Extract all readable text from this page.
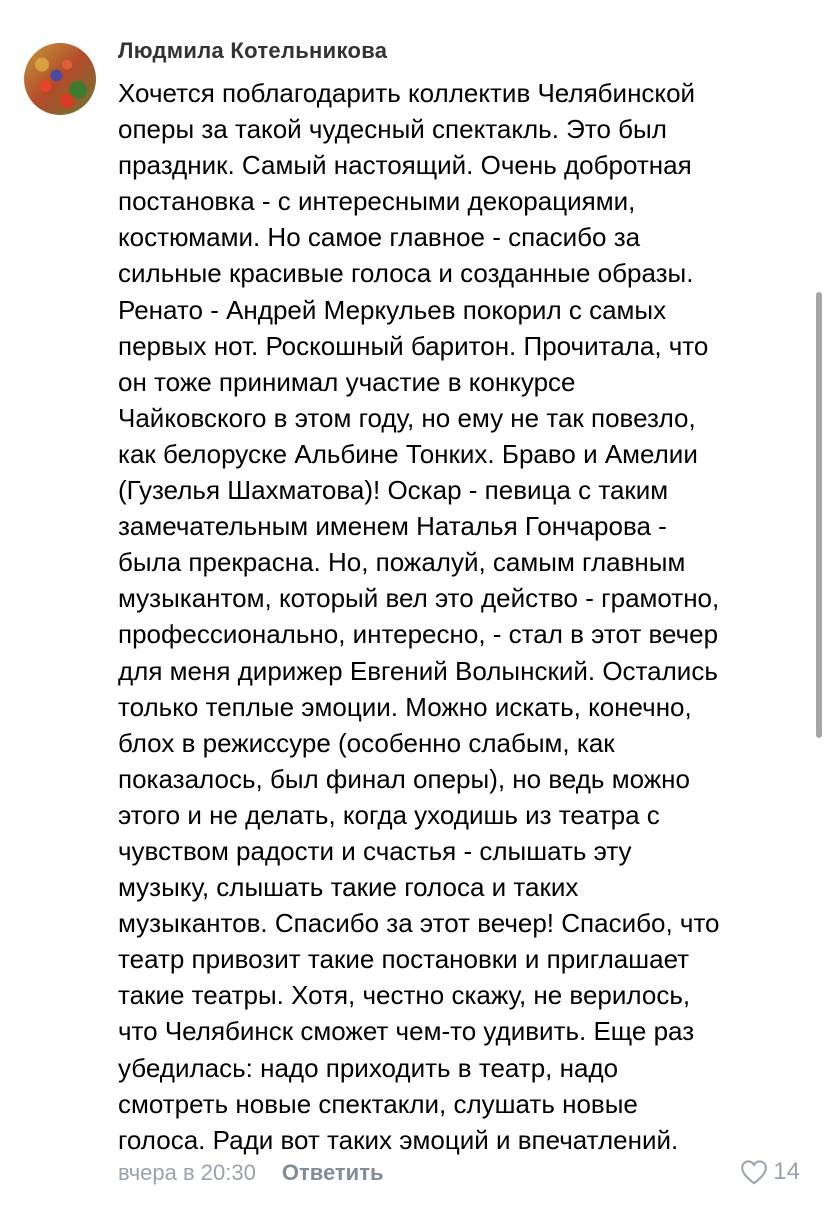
Людмила Котельникова
Хочется поблагодарить коллектив Челябинской
оперы за такой чудесный спектакль. Это был
праздник. Самый настоящий. Очень добротная
постановка - с интересными декорациями,
костюмами. Но самое главное - спасибо за
сильные красивые голоса и созданные образы.
Ренато - Андрей Меркульев покорил с самых
первых нот. Роскошный баритон. Прочитала, что
он тоже принимал участие в конкурсе
Чайковского в этом году, но ему не так повезло,
как белоруске Альбине Тонких. Браво и Амелии
(Гузелья Шахматова)! Оскар - певица с таким
замечательным именем Наталья Гончарова -
была прекрасна. Но, пожалуй, самым главным
музыкантом, который вел это действо - грамотно,
профессионально, интересно, - стал в этот вечер
для меня дирижер Евгений Волынский. Остались
только теплые эмоции. Можно искать, конечно,
блох в режиссуре (особенно слабым, как
показалось, был финал оперы), но ведь можно
этого и не делать, когда уходишь из театра с
чувством радости и счастья - слышать эту
музыку, слышать такие голоса и таких
музыкантов. Спасибо за этот вечер! Спасибо, что
театр привозит такие постановки и приглашает
такие театры. Хотя, честно скажу, не верилось,
что Челябинск сможет чем-то удивить. Еще раз
убедилась: надо приходить в театр, надо
смотреть новые спектакли, слушать новые
голоса. Ради вот таких эмоций и впечатлений.
вчера в 20:30 Ответить	14
